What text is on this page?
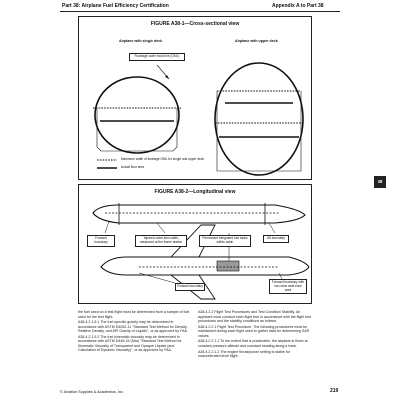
Part 38: Airplane Fuel Efficiency Certification	Appendix A to Part 38
38
FIGURE A38-1—Cross-sectional view
Airplane with single deck	Airplane with upper deck
Fuselage outer mold line (OML)
Maximum width of fuselage OML for single and upper deck
Actual floor area
FIGURE A38-2—Longitudinal view
Forward boundary
Tapered outer-skin width, measured at the frame station
Permanent integrated fuel tanks within cabin
Aft boundary
Forward boundary
Forward boundary with non-crew seat zone area

the fuel used on a test flight must be determined from a sample of fuel used for the test flight.

A38.4.2.1.5.1 The fuel specific gravity may be determined in accordance with ASTM D4052-11 "Standard Test Method for Density, Relative Density, and API Gravity of Liquids", or as approved by FAA.

A38.4.2.1.5.2 The fuel kinematic viscosity may be determined in accordance with ASTM D445-15 (Mar) "Standard Test Method for Kinematic Viscosity of Transparent and Opaque Liquids (and Calculation of Dynamic Viscosity)", or as approved by FAA.

A38.4.2.2 Flight Test Procedures and Test Condition Stability. An applicant must conduct each flight test in accordance with the flight test procedures and the stability conditions as follows:

A38.4.2.2.1 Flight Test Procedure. The following procedures must be maintained during each flight used to gather data for determining SAR values:

A38.4.2.2.1.1 To the extent that is practicable, the airplane is flown at constant pressure altitude and constant heading along a track.

A38.4.2.2.1.2 The engine thrust/power setting is stable for unaccelerated level flight.

© Aviation Supplies & Academics, Inc.	219
